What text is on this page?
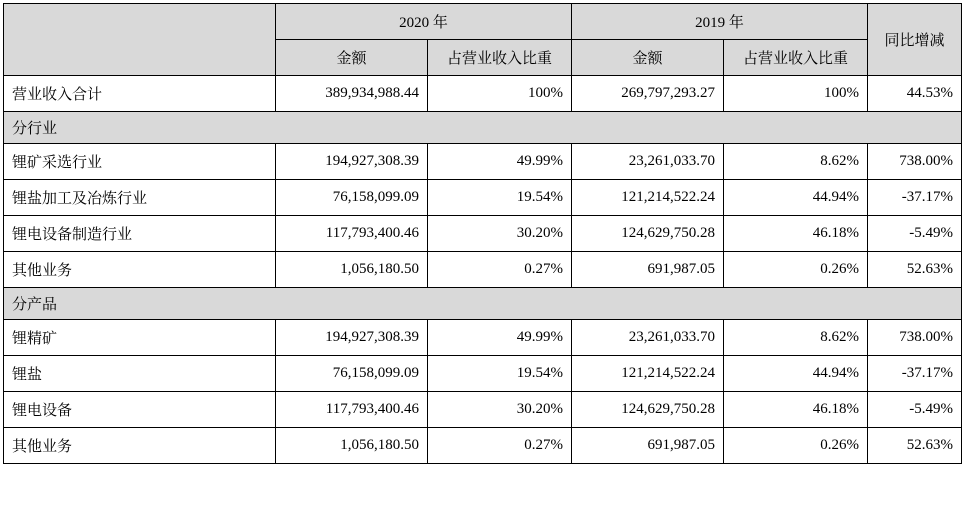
	2020 年		2019 年		同比增减
	金额	占营业收入比重	金额	占营业收入比重	
营业收入合计	389,934,988.44	100%	269,797,293.27	100%	44.53%
分行业					
锂矿采选行业	194,927,308.39	49.99%	23,261,033.70	8.62%	738.00%
锂盐加工及冶炼行业	76,158,099.09	19.54%	121,214,522.24	44.94%	-37.17%
锂电设备制造行业	117,793,400.46	30.20%	124,629,750.28	46.18%	-5.49%
其他业务	1,056,180.50	0.27%	691,987.05	0.26%	52.63%
分产品					
锂精矿	194,927,308.39	49.99%	23,261,033.70	8.62%	738.00%
锂盐	76,158,099.09	19.54%	121,214,522.24	44.94%	-37.17%
锂电设备	117,793,400.46	30.20%	124,629,750.28	46.18%	-5.49%
其他业务	1,056,180.50	0.27%	691,987.05	0.26%	52.63%
